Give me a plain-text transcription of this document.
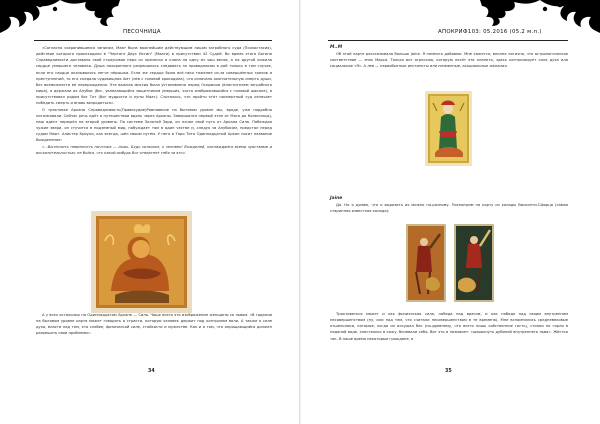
ПЕСОЧНИЦА

«Согласно сохранившимся записям, Маат была важнейшим действующим лицом загробного суда (Психостасия), действие которого происходило в "Чертоге Двух Истин" (Маати) в присутствии 42 Судей. Во время этого Богиня Справедливости доставала свой страусовое перо из прически и клала на одну из чаш весов, а на другой ложило сердце умершего человека. Душа похоронного разрешалось следовать за проводником в рай только в том случае, если его сердце оказывалось легче пёрышка. Если же сердце было всё-таки тяжелее из-за совершённых грехов и преступлений, то его съедала чудовищная Амт (лев с головой крокодила), что означало окончательную смерть души, без возможности её перерождения. Эта важная миссия была установлена перед Осирисом (властителем загробного мира), а держали их Анубис (бог, увлекающийся защитником умерших, часто изображавшийся с головой шакала), а присутствовал рядом бог Тот (бог мудрости и луны Маат). Считалось, что пройти этот посмертный суд означает победить смерть и вновь возродиться».

О трактовке Аркана Справедливость(Правосудие)Равновесие на бытовом уровне мы, вроде, уже подробно потолковали. Сейчас речь идёт о путешествии вдоль через Арканы. Завершился первый этап от Мага до Колесницы), наш адепт перешёл на второй уровень. По системе Золотой Зари, он начал свой путь от Аркана Сила. Побеждая чужие звери, он стучится в подземный мир, побуждает там в один честве и, следуя за Анубисом, предстал перед судом Маат. Алистер Кроули, как всегда, шёл своим путём. У него в Таро Тота Одиннадцатый Аркан носит название Вожделение:

«...Вытеснить невинность ничтожа — ложь. Будь сильным, о человек! Вожделей, наслаждайся всеми чувствами и восхитительностью; не бойся, что какой-нибудь бог отвергнет тебя за это».

А у всех остальных на Одиннадцатом Аркане — Сила. Чаще всего это изображение женщины со львом. «В гадании на бытовом уровне карта может говорить о страсти, которую человек держит под контролем воли. А также о силе духа, власти над тем, кто слабее, физической силе, стойкости и мужестве. Как и о том, что опрощающийся должен разрешить свои проблемы».

34
АПОКРИФ103: 05.2016 (05.2 м.п.)

М..М

Об этой карте рассказывала больше Jaine. Я немного добавлю. Мне кажется, вполне логично, что астрологическое соответствие — знак Марса. Только вот агрессию, которую несёт эта планета, здесь контролирует сила духа или социальное «Я». А лев — первобытные инстинкты или низменные, асоциальные желания.

Jaine

Да. Но я думаю, что и выразить их можно по-разному. Посмотрим на карту из колоды Висконти-Сфорца (самая старинная известная колода):

Трактоваться может и как физическая сила, победа над врагом, и как победа над своим внутренним несовершенством (ну, или над тем, что считали несовершенством в те времена). Мне вспомнились средневековые отшельники, которые, когда их искушал бес (по-древнему, что всего лишь собственное гость), стояли по горло в ледяной воде, хлестались в кожу, бичевали себя. Вот это и называет: «шарахнуть дубиной внутреннего льва». Жёстко так. В наше время некоторые граждане, в

35
